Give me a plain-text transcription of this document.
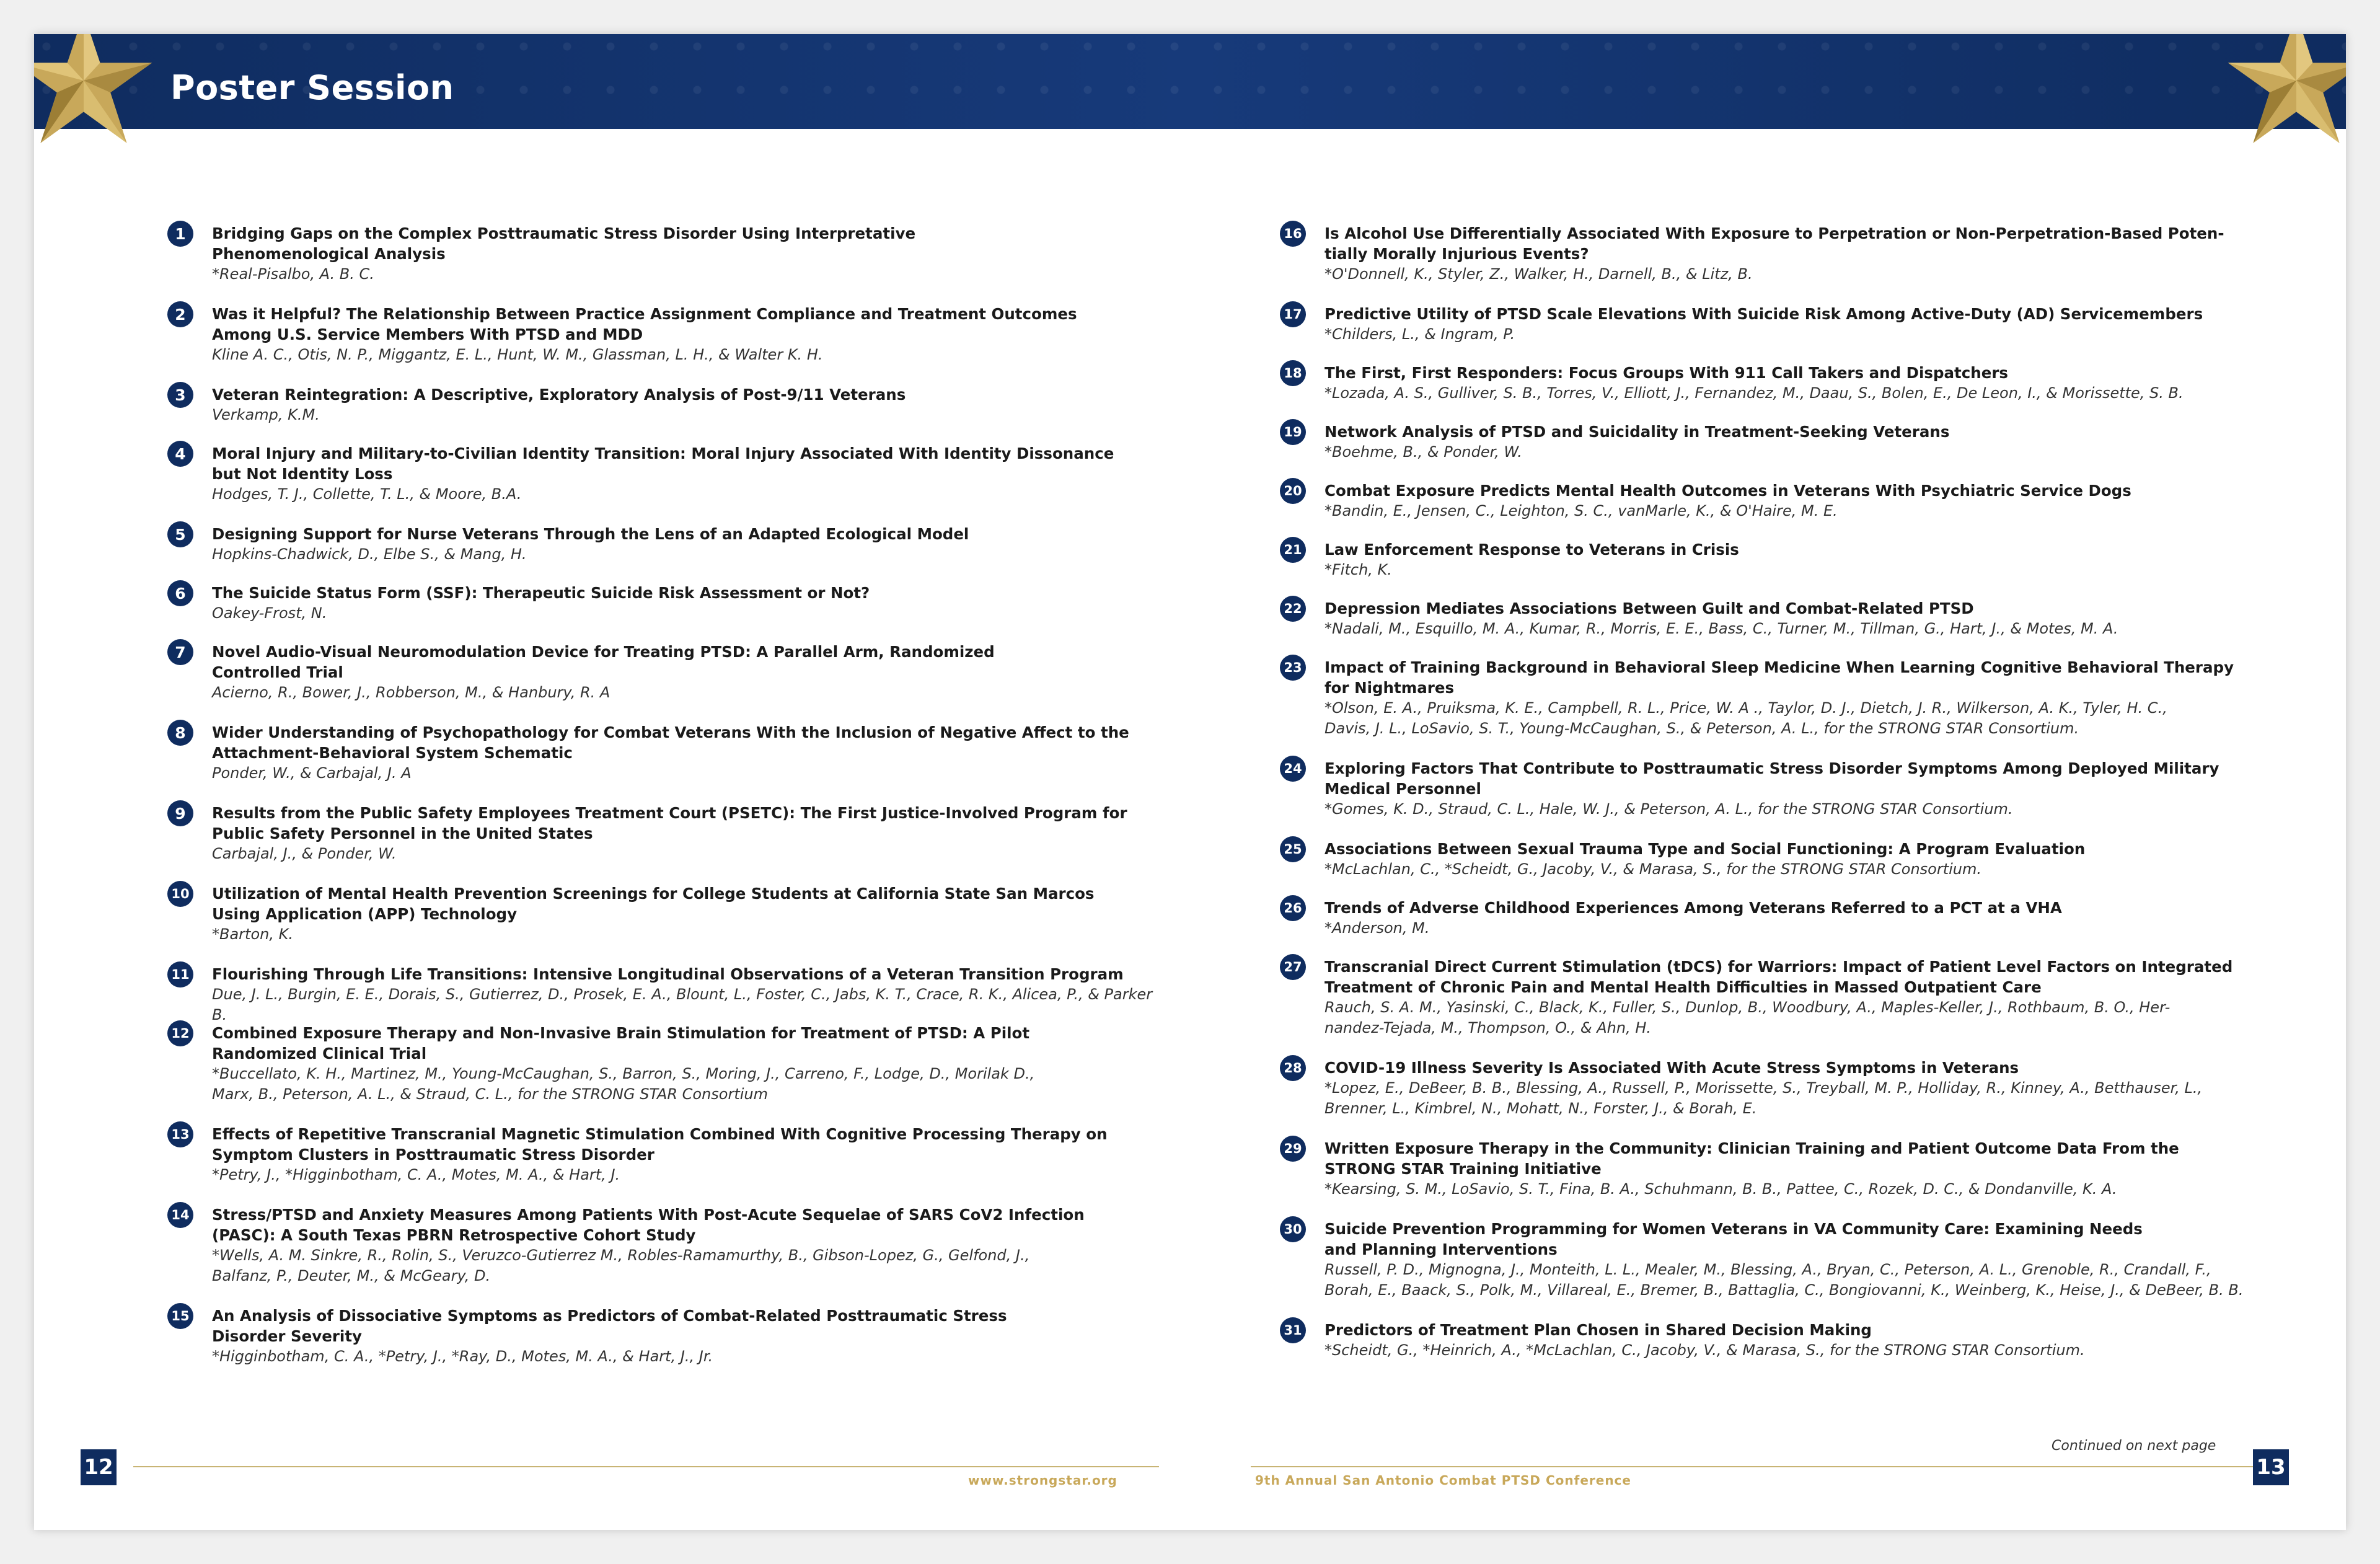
Poster Session
1	Bridging Gaps on the Complex Posttraumatic Stress Disorder Using Interpretative
Phenomenological Analysis

*Real-Pisalbo, A. B. C.

2	Was it Helpful? The Relationship Between Practice Assignment Compliance and Treatment Outcomes
Among U.S. Service Members With PTSD and MDD

Kline A. C., Otis, N. P., Miggantz, E. L., Hunt, W. M., Glassman, L. H., & Walter K. H.

3	Veteran Reintegration: A Descriptive, Exploratory Analysis of Post-9/11 Veterans

Verkamp, K.M.

4	Moral Injury and Military-to-Civilian Identity Transition: Moral Injury Associated With Identity Dissonance
but Not Identity Loss

Hodges, T. J., Collette, T. L., & Moore, B.A.

5	Designing Support for Nurse Veterans Through the Lens of an Adapted Ecological Model

Hopkins-Chadwick, D., Elbe S., & Mang, H.

6	The Suicide Status Form (SSF): Therapeutic Suicide Risk Assessment or Not?

Oakey-Frost, N.

7	Novel Audio-Visual Neuromodulation Device for Treating PTSD: A Parallel Arm, Randomized
Controlled Trial

Acierno, R., Bower, J., Robberson, M., & Hanbury, R. A

8	Wider Understanding of Psychopathology for Combat Veterans With the Inclusion of Negative Affect to the
Attachment-Behavioral System Schematic

Ponder, W., & Carbajal, J. A

9	Results from the Public Safety Employees Treatment Court (PSETC): The First Justice-Involved Program for
Public Safety Personnel in the United States

Carbajal, J., & Ponder, W.

10 Utilization of Mental Health Prevention Screenings for College Students at California State San Marcos
Using Application (APP) Technology

*Barton, K.

11 Flourishing Through Life Transitions: Intensive Longitudinal Observations of a Veteran Transition Program

Due, J. L., Burgin, E. E., Dorais, S., Gutierrez, D., Prosek, E. A., Blount, L., Foster, C., Jabs, K. T., Crace, R. K., Alicea, P., & Parker B.

12 Combined Exposure Therapy and Non-Invasive Brain Stimulation for Treatment of PTSD: A Pilot
Randomized Clinical Trial

*Buccellato, K. H., Martinez, M., Young-McCaughan, S., Barron, S., Moring, J., Carreno, F., Lodge, D., Morilak D.,
Marx, B., Peterson, A. L., & Straud, C. L., for the STRONG STAR Consortium

13 Effects of Repetitive Transcranial Magnetic Stimulation Combined With Cognitive Processing Therapy on
Symptom Clusters in Posttraumatic Stress Disorder

*Petry, J., *Higginbotham, C. A., Motes, M. A., & Hart, J.

14 Stress/PTSD and Anxiety Measures Among Patients With Post-Acute Sequelae of SARS CoV2 Infection
(PASC): A South Texas PBRN Retrospective Cohort Study

*Wells, A. M. Sinkre, R., Rolin, S., Veruzco-Gutierrez M., Robles-Ramamurthy, B., Gibson-Lopez, G., Gelfond, J.,
Balfanz, P., Deuter, M., & McGeary, D.

15 An Analysis of Dissociative Symptoms as Predictors of Combat-Related Posttraumatic Stress
Disorder Severity

*Higginbotham, C. A., *Petry, J., *Ray, D., Motes, M. A., & Hart, J., Jr.

16 Is Alcohol Use Differentially Associated With Exposure to Perpetration or Non-Perpetration-Based Poten-
tially Morally Injurious Events?

*O'Donnell, K., Styler, Z., Walker, H., Darnell, B., & Litz, B.

17 Predictive Utility of PTSD Scale Elevations With Suicide Risk Among Active-Duty (AD) Servicemembers

*Childers, L., & Ingram, P.

18 The First, First Responders: Focus Groups With 911 Call Takers and Dispatchers

*Lozada, A. S., Gulliver, S. B., Torres, V., Elliott, J., Fernandez, M., Daau, S., Bolen, E., De Leon, I., & Morissette, S. B.

19 Network Analysis of PTSD and Suicidality in Treatment-Seeking Veterans

*Boehme, B., & Ponder, W.

20 Combat Exposure Predicts Mental Health Outcomes in Veterans With Psychiatric Service Dogs

*Bandin, E., Jensen, C., Leighton, S. C., vanMarle, K., & O'Haire, M. E.

21 Law Enforcement Response to Veterans in Crisis

*Fitch, K.

22 Depression Mediates Associations Between Guilt and Combat-Related PTSD

*Nadali, M., Esquillo, M. A., Kumar, R., Morris, E. E., Bass, C., Turner, M., Tillman, G., Hart, J., & Motes, M. A.

23 Impact of Training Background in Behavioral Sleep Medicine When Learning Cognitive Behavioral Therapy
for Nightmares

*Olson, E. A., Pruiksma, K. E., Campbell, R. L., Price, W. A ., Taylor, D. J., Dietch, J. R., Wilkerson, A. K., Tyler, H. C.,
Davis, J. L., LoSavio, S. T., Young-McCaughan, S., & Peterson, A. L., for the STRONG STAR Consortium.

24 Exploring Factors That Contribute to Posttraumatic Stress Disorder Symptoms Among Deployed Military
Medical Personnel

*Gomes, K. D., Straud, C. L., Hale, W. J., & Peterson, A. L., for the STRONG STAR Consortium.

25 Associations Between Sexual Trauma Type and Social Functioning: A Program Evaluation

*McLachlan, C., *Scheidt, G., Jacoby, V., & Marasa, S., for the STRONG STAR Consortium.

26 Trends of Adverse Childhood Experiences Among Veterans Referred to a PCT at a VHA

*Anderson, M.

27 Transcranial Direct Current Stimulation (tDCS) for Warriors: Impact of Patient Level Factors on Integrated
Treatment of Chronic Pain and Mental Health Difficulties in Massed Outpatient Care

Rauch, S. A. M., Yasinski, C., Black, K., Fuller, S., Dunlop, B., Woodbury, A., Maples-Keller, J., Rothbaum, B. O., Her-
nandez-Tejada, M., Thompson, O., & Ahn, H.

28 COVID-19 Illness Severity Is Associated With Acute Stress Symptoms in Veterans

*Lopez, E., DeBeer, B. B., Blessing, A., Russell, P., Morissette, S., Treyball, M. P., Holliday, R., Kinney, A., Betthauser, L.,
Brenner, L., Kimbrel, N., Mohatt, N., Forster, J., & Borah, E.

29 Written Exposure Therapy in the Community: Clinician Training and Patient Outcome Data From the
STRONG STAR Training Initiative

*Kearsing, S. M., LoSavio, S. T., Fina, B. A., Schuhmann, B. B., Pattee, C., Rozek, D. C., & Dondanville, K. A.

30 Suicide Prevention Programming for Women Veterans in VA Community Care: Examining Needs
and Planning Interventions

Russell, P. D., Mignogna, J., Monteith, L. L., Mealer, M., Blessing, A., Bryan, C., Peterson, A. L., Grenoble, R., Crandall, F.,
Borah, E., Baack, S., Polk, M., Villareal, E., Bremer, B., Battaglia, C., Bongiovanni, K., Weinberg, K., Heise, J., & DeBeer, B. B.

31 Predictors of Treatment Plan Chosen in Shared Decision Making

*Scheidt, G., *Heinrich, A., *McLachlan, C., Jacoby, V., & Marasa, S., for the STRONG STAR Consortium.

12
www.strongstar.org
Continued on next page
9th Annual San Antonio Combat PTSD Conference
13
